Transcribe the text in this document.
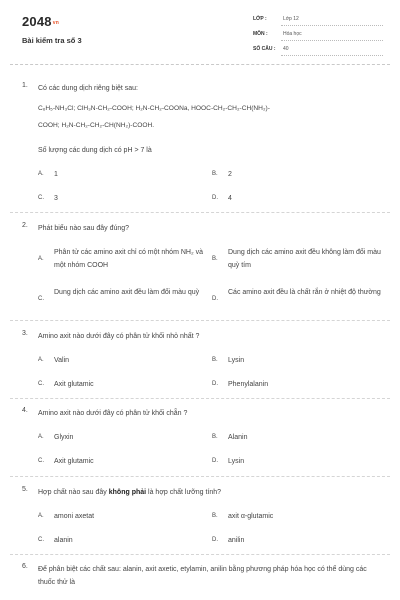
2048vn
Bài kiểm tra số 3
LỚP :	Lớp 12
MÔN :	Hóa học
SỐ CÂU : 40
1. Có các dung dịch riêng biệt sau:
C₆H₅-NH₃Cl; ClH₃N-CH₂-COOH; H₂N-CH₂-COONa, HOOC-CH₂-CH₂-CH(NH₂)-
COOH; H₂N-CH₂-CH₂-CH(NH₂)-COOH.
Số lượng các dung dịch có pH > 7 là
A. 1	B. 2
C. 3	D. 4
2. Phát biểu nào sau đây đúng?
A.
Phân tử các amino axit chỉ có một nhóm NH₂ và một nhóm COOH
B.
Dung dịch các amino axit đều không làm đổi màu quỳ tím
C.
Dung dịch các amino axit đều làm đổi màu quỳ
D.
Các amino axit đều là chất rắn ở nhiệt độ thường
3. Amino axit nào dưới đây có phân tử khối nhỏ nhất ?
A. Valin	B. Lysin
C. Axit glutamic	D. Phenylalanin
4. Amino axit nào dưới đây có phân tử khối chẵn ?
A. Glyxin	B. Alanin
C. Axit glutamic	D. Lysin
5. Hợp chất nào sau đây không phải là hợp chất lưỡng tính?
A. amoni axetat	B. axit α-glutamic
C. alanin	D. anilin
6. Để phân biệt các chất sau: alanin, axit axetic, etylamin, anilin bằng phương pháp hóa học có thể dùng các thuốc thử là
